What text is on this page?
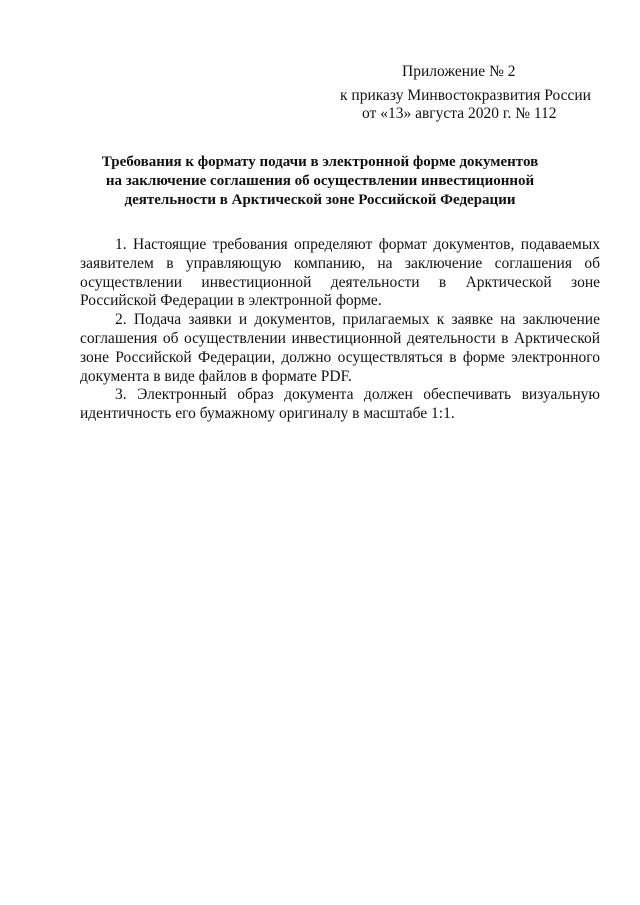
Приложение № 2
к приказу Минвостокразвития России
от «13» августа 2020 г. № 112
Требования к формату подачи в электронной форме документов
на заключение соглашения об осуществлении инвестиционной
деятельности в Арктической зоне Российской Федерации

1. Настоящие требования определяют формат документов, подаваемых заявителем в управляющую компанию, на заключение соглашения об осуществлении инвестиционной деятельности в Арктической зоне Российской Федерации в электронной форме.

2. Подача заявки и документов, прилагаемых к заявке на заключение соглашения об осуществлении инвестиционной деятельности в Арктической зоне Российской Федерации, должно осуществляться в форме электронного документа в виде файлов в формате PDF.

3. Электронный образ документа должен обеспечивать визуальную идентичность его бумажному оригиналу в масштабе 1:1.
